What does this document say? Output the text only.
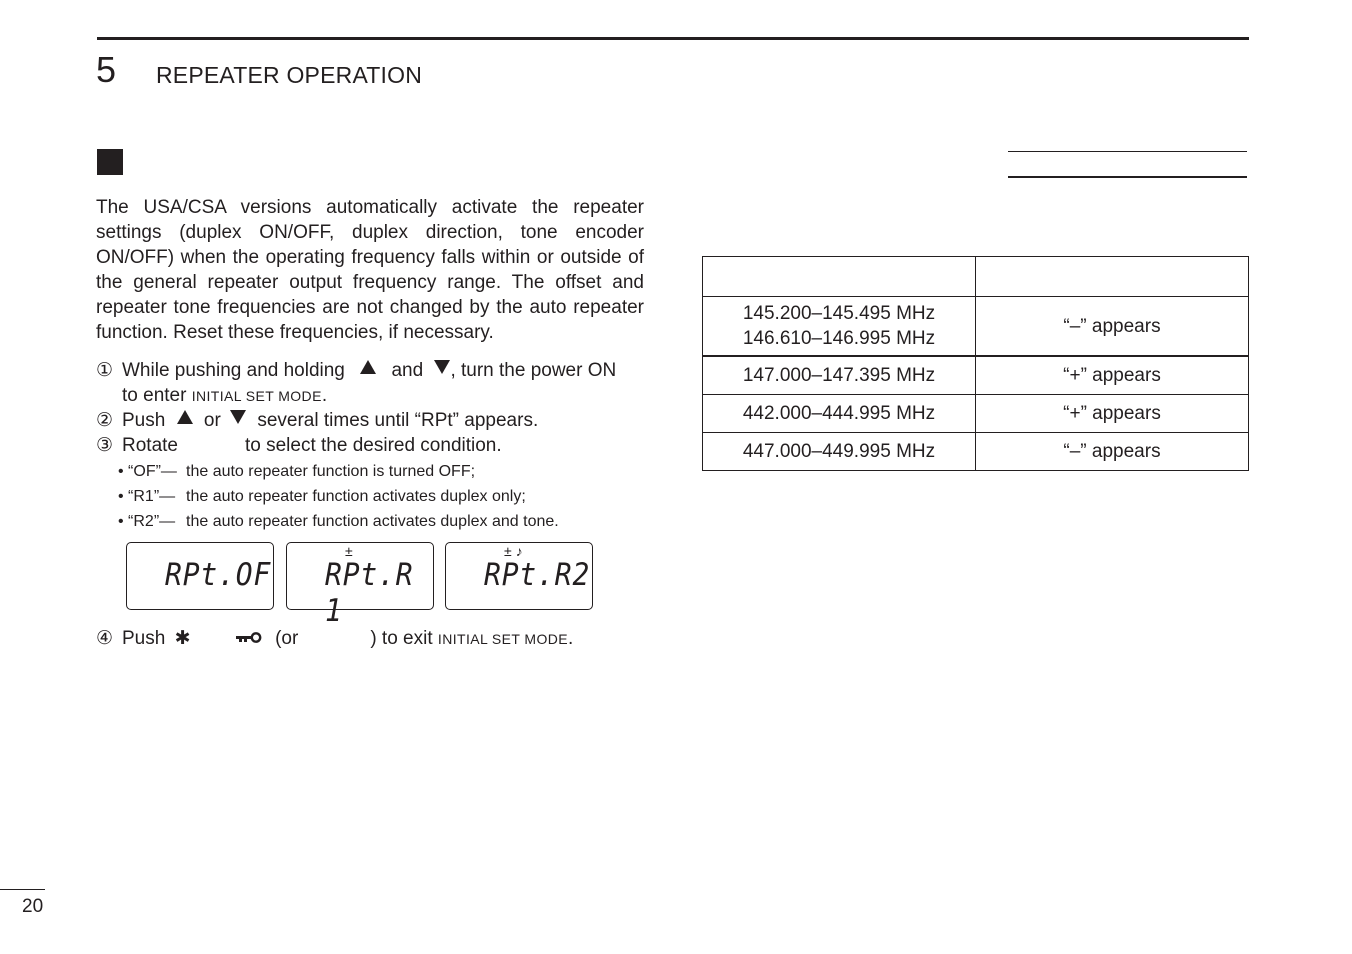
5 REPEATER OPERATION

The USA/CSA versions automatically activate the repeater settings (duplex ON/OFF, duplex direction, tone encoder ON/OFF) when the operating frequency falls within or outside of the general repeater output frequency range. The offset and repeater tone frequencies are not changed by the auto repeater function. Reset these frequencies, if necessary.

① While pushing and holding and , turn the power ON
to enter INITIAL SET MODE.
② Push or several times until “RPt” appears.
③ Rotate	to select the desired condition.
• “OF”— the auto repeater function is turned OFF;
• “R1”— the auto repeater function activates duplex only;
• “R2”— the auto repeater function activates duplex and tone.
RPt.OF
±
RPt.R 1
± ♪
RPt.R2
④ Push ✱	(or	) to exit INITIAL SET MODE.

145.200–145.495 MHz
146.610–146.995 MHz	“–” appears
147.000–147.395 MHz	“+” appears
442.000–444.995 MHz	“+” appears
447.000–449.995 MHz	“–” appears
20
